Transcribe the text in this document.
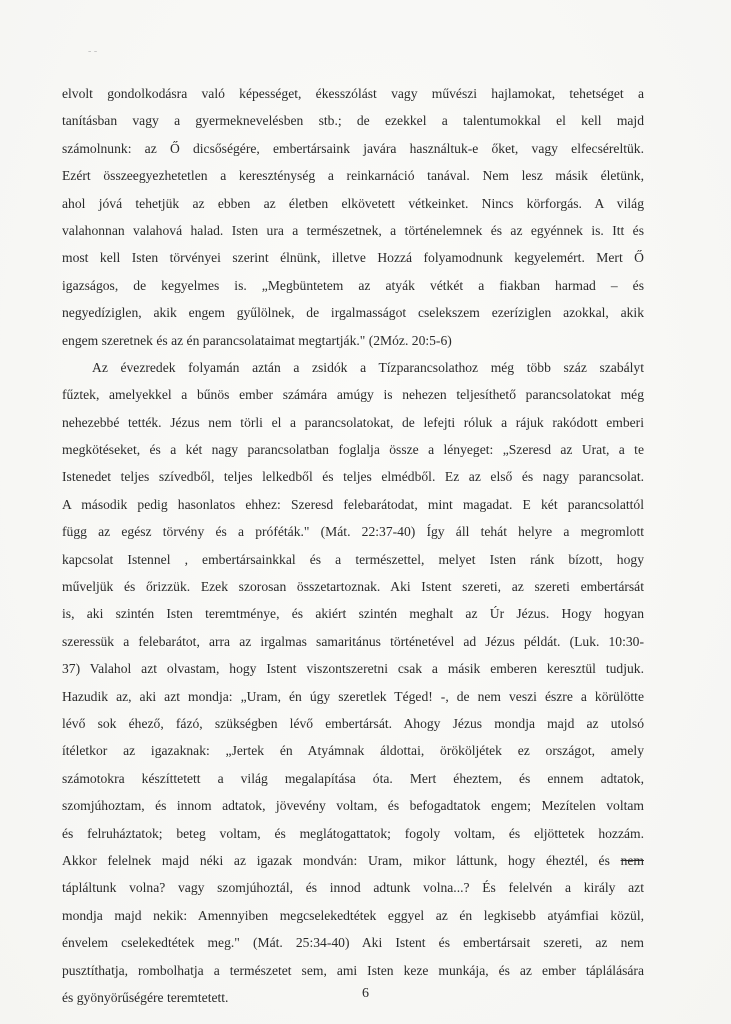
- -
elvolt gondolkodásra való képességet, ékesszólást vagy művészi hajlamokat, tehetséget a
tanításban vagy a gyermeknevelésben stb.; de ezekkel a talentumokkal el kell majd
számolnunk: az Ő dicsőségére, embertársaink javára használtuk-e őket, vagy elfecséreltük.
Ezért összeegyezhetetlen a kereszténység a reinkarnáció tanával. Nem lesz másik életünk,
ahol jóvá tehetjük az ebben az életben elkövetett vétkeinket. Nincs körforgás. A világ
valahonnan valahová halad. Isten ura a természetnek, a történelemnek és az egyénnek is. Itt és
most kell Isten törvényei szerint élnünk, illetve Hozzá folyamodnunk kegyelemért. Mert Ő
igazságos, de kegyelmes is. „Megbüntetem az atyák vétkét a fiakban harmad – és
negyedíziglen, akik engem gyűlölnek, de irgalmasságot cselekszem ezeríziglen azokkal, akik
engem szeretnek és az én parancsolataimat megtartják." (2Móz. 20:5-6)
Az évezredek folyamán aztán a zsidók a Tízparancsolathoz még több száz szabályt
fűztek, amelyekkel a bűnös ember számára amúgy is nehezen teljesíthető parancsolatokat még
nehezebbé tették. Jézus nem törli el a parancsolatokat, de lefejti róluk a rájuk rakódott emberi
megkötéseket, és a két nagy parancsolatban foglalja össze a lényeget: „Szeresd az Urat, a te
Istenedet teljes szívedből, teljes lelkedből és teljes elmédből. Ez az első és nagy parancsolat.
A második pedig hasonlatos ehhez: Szeresd felebarátodat, mint magadat. E két parancsolattól
függ az egész törvény és a próféták." (Mát. 22:37-40) Így áll tehát helyre a megromlott
kapcsolat Istennel , embertársainkkal és a természettel, melyet Isten ránk bízott, hogy
műveljük és őrizzük. Ezek szorosan összetartoznak. Aki Istent szereti, az szereti embertársát
is, aki szintén Isten teremtménye, és akiért szintén meghalt az Úr Jézus. Hogy hogyan
szeressük a felebarátot, arra az irgalmas samaritánus történetével ad Jézus példát. (Luk. 10:30-
37) Valahol azt olvastam, hogy Istent viszontszeretni csak a másik emberen keresztül tudjuk.
Hazudik az, aki azt mondja: „Uram, én úgy szeretlek Téged! -, de nem veszi észre a körülötte
lévő sok éhező, fázó, szükségben lévő embertársát. Ahogy Jézus mondja majd az utolsó
ítéletkor az igazaknak: „Jertek én Atyámnak áldottai, örököljétek ez országot, amely
számotokra készíttetett a világ megalapítása óta. Mert éheztem, és ennem adtatok,
szomjúhoztam, és innom adtatok, jövevény voltam, és befogadtatok engem; Mezítelen voltam
és felruháztatok; beteg voltam, és meglátogattatok; fogoly voltam, és eljöttetek hozzám.
Akkor felelnek majd néki az igazak mondván: Uram, mikor láttunk, hogy éheztél, és nem
tápláltunk volna? vagy szomjúhoztál, és innod adtunk volna...? És felelvén a király azt
mondja majd nekik: Amennyiben megcselekedtétek eggyel az én legkisebb atyámfiai közül,
énvelem cselekedtétek meg." (Mát. 25:34-40) Aki Istent és embertársait szereti, az nem
pusztíthatja, rombolhatja a természetet sem, ami Isten keze munkája, és az ember táplálására
és gyönyörűségére teremtetett.	6
